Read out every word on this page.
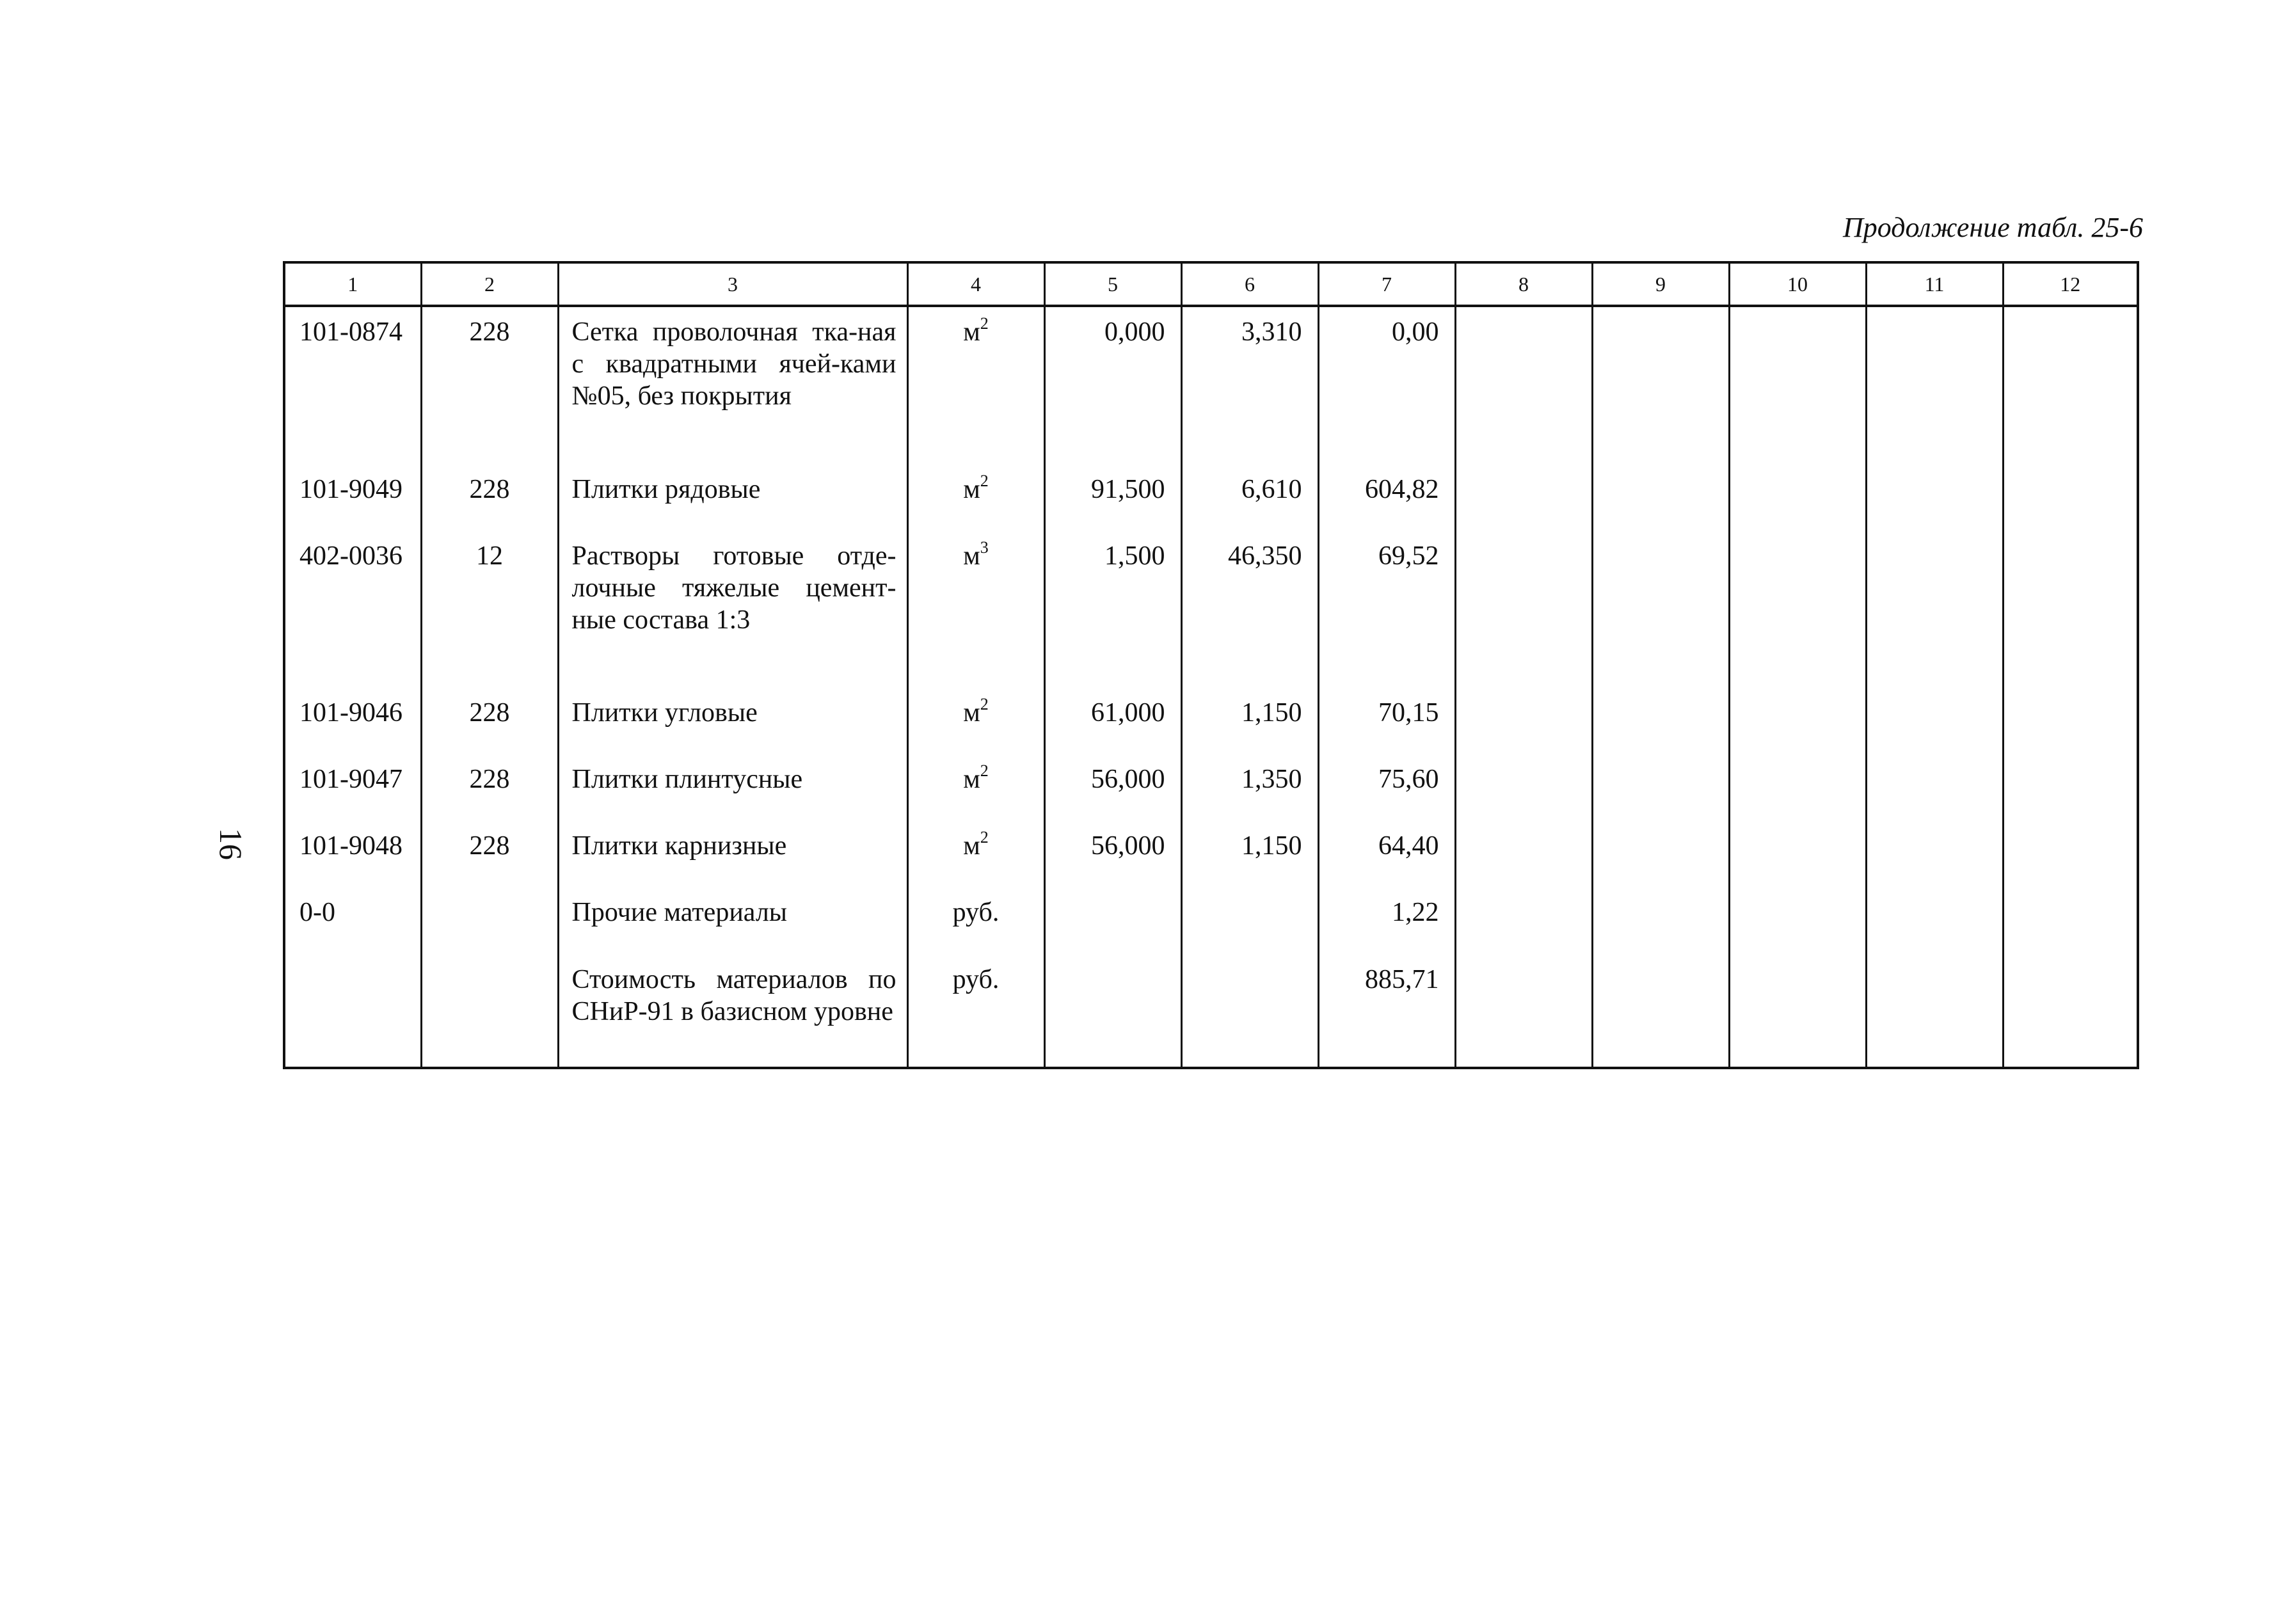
Продолжение табл. 25-6
16
1	2	3	4	5	6	7	8	9	10	11	12
101-0874	228	Сетка проволочная тка-ная с квадратными ячей-ками №05, без покрытия	$м^2$	0,000	3,310	0,00					
101-9049	228	Плитки рядовые	$м^2$	91,500	6,610	604,82					
402-0036	12	Растворы готовые отде-лочные тяжелые цемент-ные состава 1:3	$м^3$	1,500	46,350	69,52					
101-9046	228	Плитки угловые	$м^2$	61,000	1,150	70,15					
101-9047	228	Плитки плинтусные	$м^2$	56,000	1,350	75,60					
101-9048	228	Плитки карнизные	$м^2$	56,000	1,150	64,40					
0-0		Прочие материалы	руб.			1,22					
		Стоимость материалов по СНиР-91 в базисном уровне	руб.			885,71					
